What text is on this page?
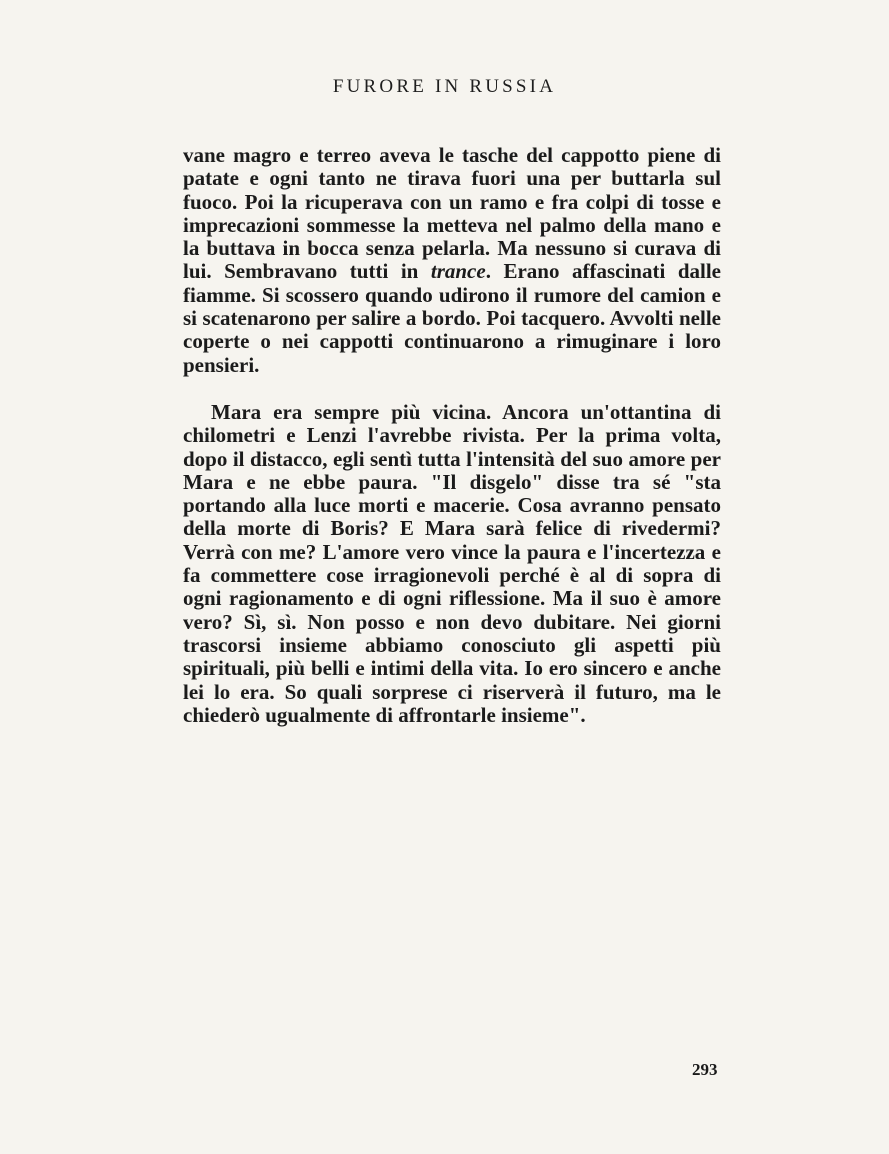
FURORE IN RUSSIA

vane magro e terreo aveva le tasche del cappotto piene di patate e ogni tanto ne tirava fuori una per buttarla sul fuoco. Poi la ricuperava con un ramo e fra colpi di tosse e imprecazioni sommesse la metteva nel palmo della mano e la buttava in bocca senza pelarla. Ma nessuno si curava di lui. Sembravano tutti in trance. Erano affascinati dalle fiamme. Si scossero quando udirono il rumore del camion e si scatenarono per salire a bordo. Poi tacquero. Avvolti nelle coperte o nei cappotti continuarono a rimuginare i loro pensieri.

Mara era sempre più vicina. Ancora un'ottantina di chilometri e Lenzi l'avrebbe rivista. Per la prima volta, dopo il distacco, egli sentì tutta l'intensità del suo amore per Mara e ne ebbe paura. "Il disgelo" disse tra sé "sta portando alla luce morti e macerie. Cosa avranno pensato della morte di Boris? E Mara sarà felice di rivedermi? Verrà con me? L'amore vero vince la paura e l'incertezza e fa commettere cose irragionevoli perché è al di sopra di ogni ragionamento e di ogni riflessione. Ma il suo è amore vero? Sì, sì. Non posso e non devo dubitare. Nei giorni trascorsi insieme abbiamo conosciuto gli aspetti più spirituali, più belli e intimi della vita. Io ero sincero e anche lei lo era. So quali sorprese ci riserverà il futuro, ma le chiederò ugualmente di affrontarle insieme".

293
